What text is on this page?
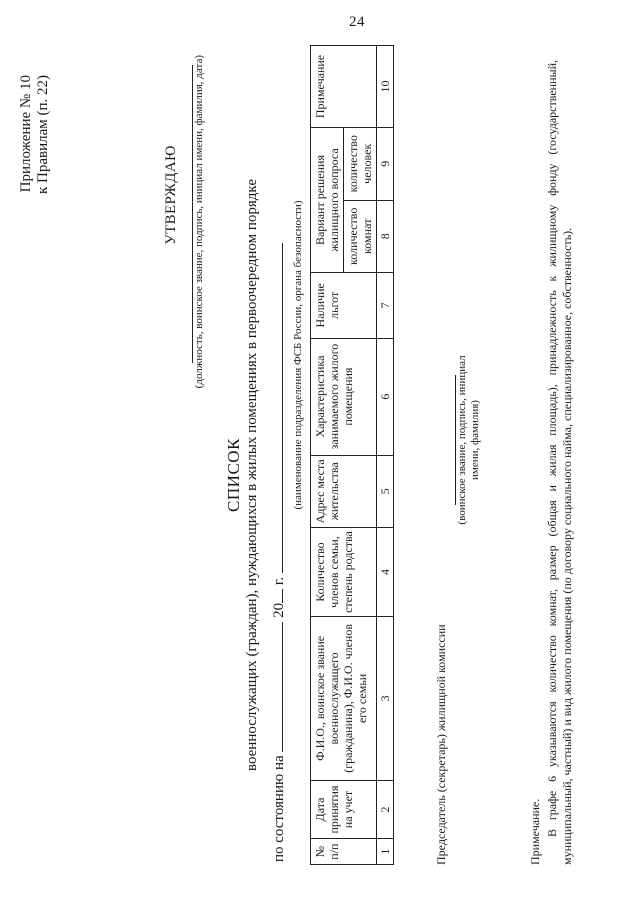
24
Приложение № 10 к Правилам (п. 22)
УТВЕРЖДАЮ (должность, воинское звание, подпись, инициал имени, фамилия, дата)
СПИСОК военнослужащих (граждан), нуждающихся в жилых помещениях в первоочередном порядке
по состоянию на  20 г.
(наименование подразделения ФСБ России, органа безопасности)
№ п/п	Дата принятия на учет	Ф.И.О., воинское звание военнослужащего (гражданина), Ф.И.О. членов его семьи	Количество членов семьи, степень родства	Адрес места жительства	Характеристика занимаемого жилого помещения	Наличие льгот	Вариант решения жилищного вопроса		Примечание
							количество комнат	количество человек	
1	2	3	4	5	6	7	8	9	10
Председатель (секретарь) жилищной комиссии
(воинское звание, подпись, инициал имени, фамилия)
Примечание. В графе 6 указываются количество комнат, размер (общая и жилая площадь), принадлежность к жилищному фонду (государственный, муниципальный, частный) и вид жилого помещения (по договору социального найма, специализированное, собственность).
